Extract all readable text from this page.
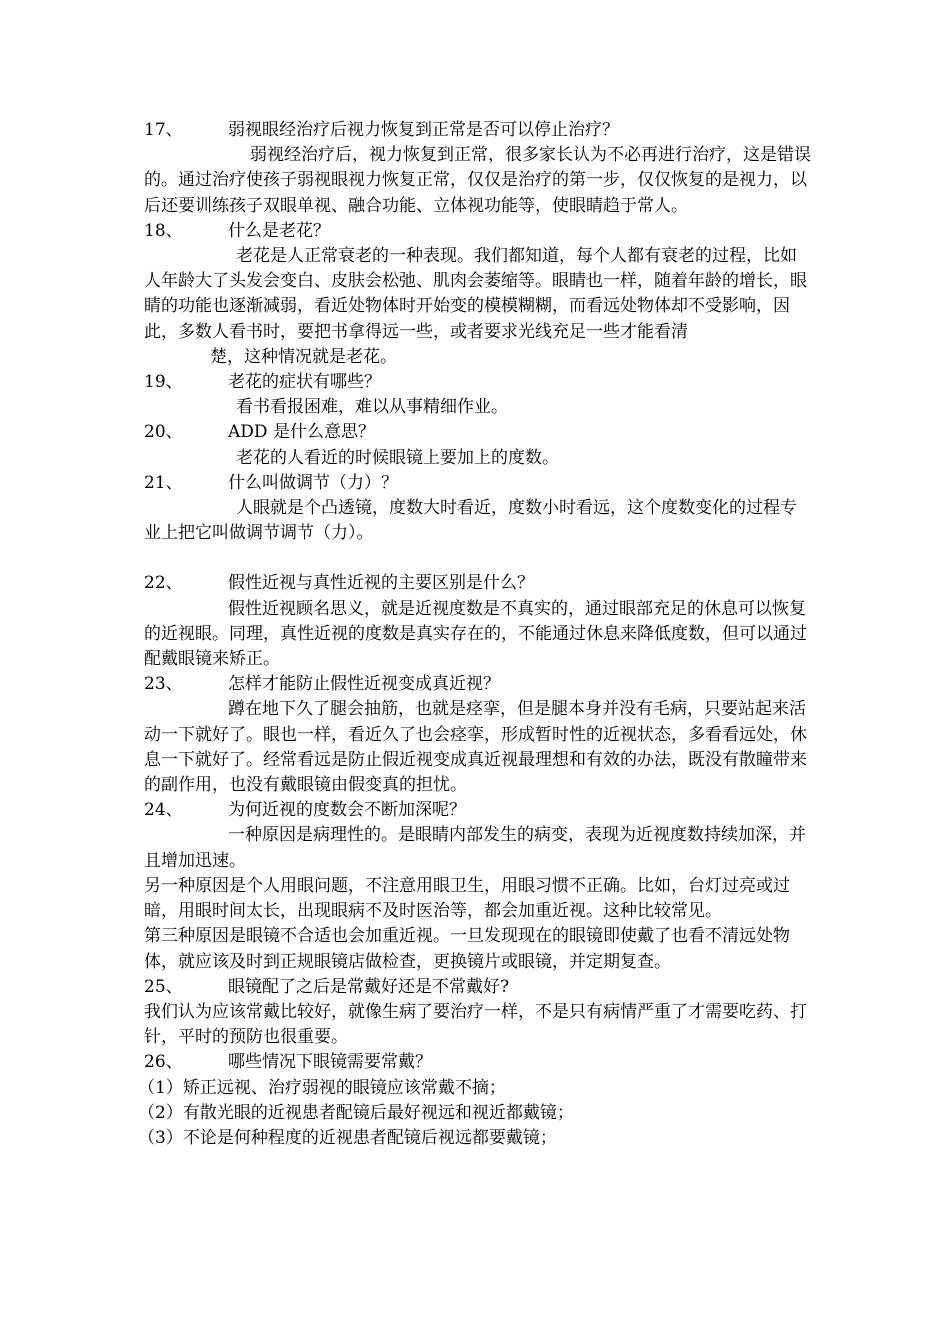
17、	弱视眼经治疗后视力恢复到正常是否可以停止治疗？

弱视经治疗后，视力恢复到正常，很多家长认为不必再进行治疗，这是错误的。通过治疗使孩子弱视眼视力恢复正常，仅仅是治疗的第一步，仅仅恢复的是视力，以后还要训练孩子双眼单视、融合功能、立体视功能等，使眼睛趋于常人。

18、	什么是老花？

老花是人正常衰老的一种表现。我们都知道，每个人都有衰老的过程，比如人年龄大了头发会变白、皮肤会松弛、肌肉会萎缩等。眼睛也一样，随着年龄的增长，眼睛的功能也逐渐减弱，看近处物体时开始变的模模糊糊，而看远处物体却不受影响，因此，多数人看书时，要把书拿得远一些，或者要求光线充足一些才能看清

楚，这种情况就是老花。

19、	老花的症状有哪些？

看书看报困难，难以从事精细作业。

20、	ADD 是什么意思？

老花的人看近的时候眼镜上要加上的度数。

21、	什么叫做调节（力）？

人眼就是个凸透镜，度数大时看近，度数小时看远，这个度数变化的过程专业上把它叫做调节调节（力）。

22、	假性近视与真性近视的主要区别是什么？

假性近视顾名思义，就是近视度数是不真实的，通过眼部充足的休息可以恢复的近视眼。同理，真性近视的度数是真实存在的，不能通过休息来降低度数，但可以通过配戴眼镜来矫正。

23、	怎样才能防止假性近视变成真近视？

蹲在地下久了腿会抽筋，也就是痉挛，但是腿本身并没有毛病，只要站起来活动一下就好了。眼也一样，看近久了也会痉挛，形成暂时性的近视状态，多看看远处，休息一下就好了。经常看远是防止假近视变成真近视最理想和有效的办法，既没有散瞳带来的副作用，也没有戴眼镜由假变真的担忧。

24、	为何近视的度数会不断加深呢？

一种原因是病理性的。是眼睛内部发生的病变，表现为近视度数持续加深，并且增加迅速。

另一种原因是个人用眼问题，不注意用眼卫生，用眼习惯不正确。比如，台灯过亮或过暗，用眼时间太长，出现眼病不及时医治等，都会加重近视。这种比较常见。

第三种原因是眼镜不合适也会加重近视。一旦发现现在的眼镜即使戴了也看不清远处物体，就应该及时到正规眼镜店做检查，更换镜片或眼镜，并定期复查。

25、	眼镜配了之后是常戴好还是不常戴好?

我们认为应该常戴比较好，就像生病了要治疗一样，不是只有病情严重了才需要吃药、打针，平时的预防也很重要。

26、	哪些情况下眼镜需要常戴？

（1）矫正远视、治疗弱视的眼镜应该常戴不摘；

（2）有散光眼的近视患者配镜后最好视远和视近都戴镜；

（3）不论是何种程度的近视患者配镜后视远都要戴镜；
